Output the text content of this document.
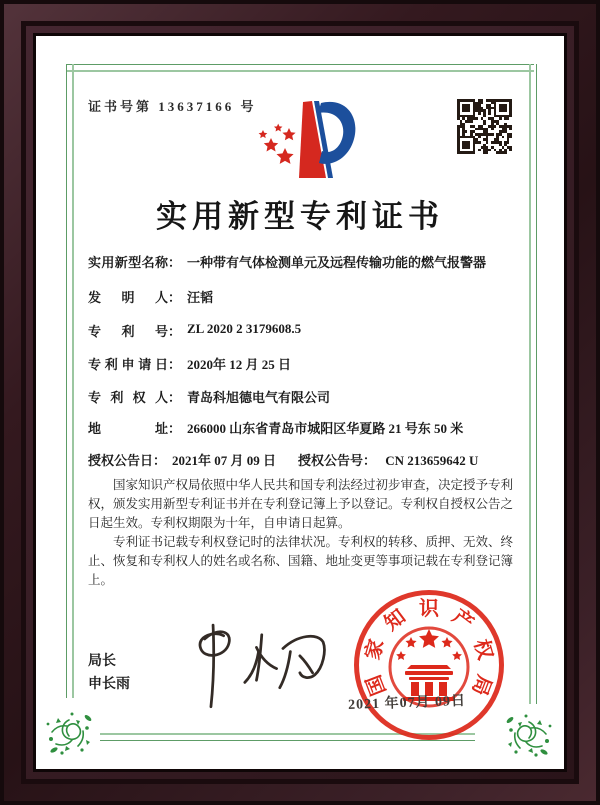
证书号第 13637166 号
实用新型专利证书
实用新型名称 ： 一种带有气体检测单元及远程传输功能的燃气报警器
发明人 ： 汪韬
专利号 ： ZL 2020 2 3179608.5
专利申请日 ： 2020年 12 月 25 日
专利权人 ： 青岛科旭德电气有限公司
地址 ： 266000 山东省青岛市城阳区华夏路 21 号东 50 米
授权公告日 ： 2021年 07 月 09 日 授权公告号： CN 213659642 U

国家知识产权局依照中华人民共和国专利法经过初步审查，决定授予专利权，颁发实用新型专利证书并在专利登记簿上予以登记。专利权自授权公告之日起生效。专利权期限为十年，自申请日起算。

专利证书记载专利权登记时的法律状况。专利权的转移、质押、无效、终止、恢复和专利权人的姓名或名称、国籍、地址变更等事项记载在专利登记簿上。

局长
申长雨	国
家
知 识 产
权
局
2021 年07月 09日
